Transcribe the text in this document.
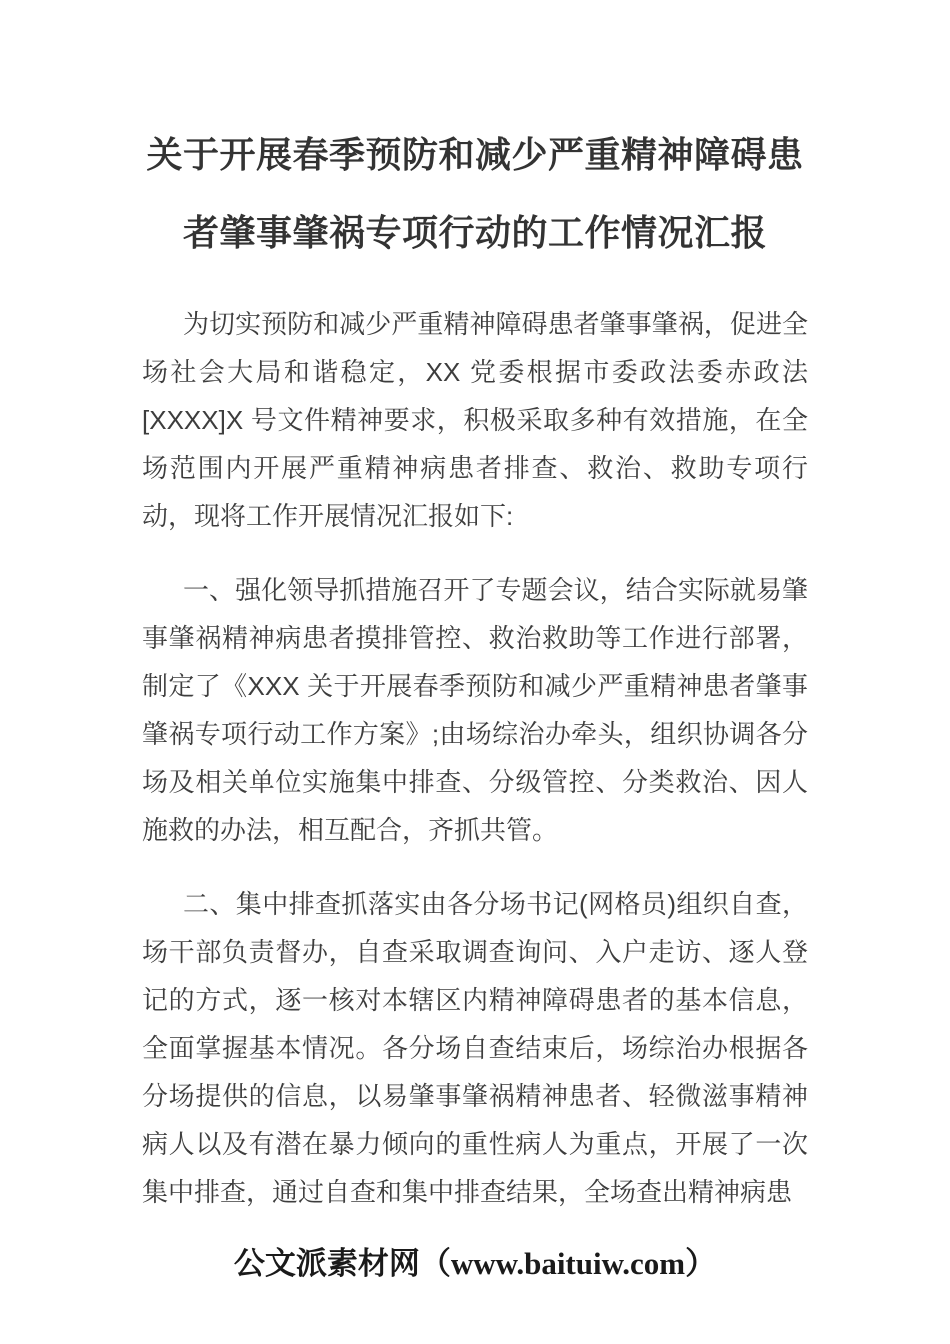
关于开展春季预防和减少严重精神障碍患者肇事肇祸专项行动的工作情况汇报

为切实预防和减少严重精神障碍患者肇事肇祸，促进全场社会大局和谐稳定，XX 党委根据市委政法委赤政法[XXXX]X 号文件精神要求，积极采取多种有效措施，在全场范围内开展严重精神病患者排查、救治、救助专项行动，现将工作开展情况汇报如下:

一、强化领导抓措施召开了专题会议，结合实际就易肇事肇祸精神病患者摸排管控、救治救助等工作进行部署，制定了《XXX 关于开展春季预防和减少严重精神患者肇事肇祸专项行动工作方案》;由场综治办牵头，组织协调各分场及相关单位实施集中排查、分级管控、分类救治、因人施救的办法，相互配合，齐抓共管。

二、集中排查抓落实由各分场书记(网格员)组织自查，场干部负责督办，自查采取调查询问、入户走访、逐人登记的方式，逐一核对本辖区内精神障碍患者的基本信息，全面掌握基本情况。各分场自查结束后，场综治办根据各分场提供的信息，以易肇事肇祸精神患者、轻微滋事精神病人以及有潜在暴力倾向的重性病人为重点，开展了一次集中排查，通过自查和集中排查结果，全场查出精神病患

公文派素材网（www.baituiw.com）
